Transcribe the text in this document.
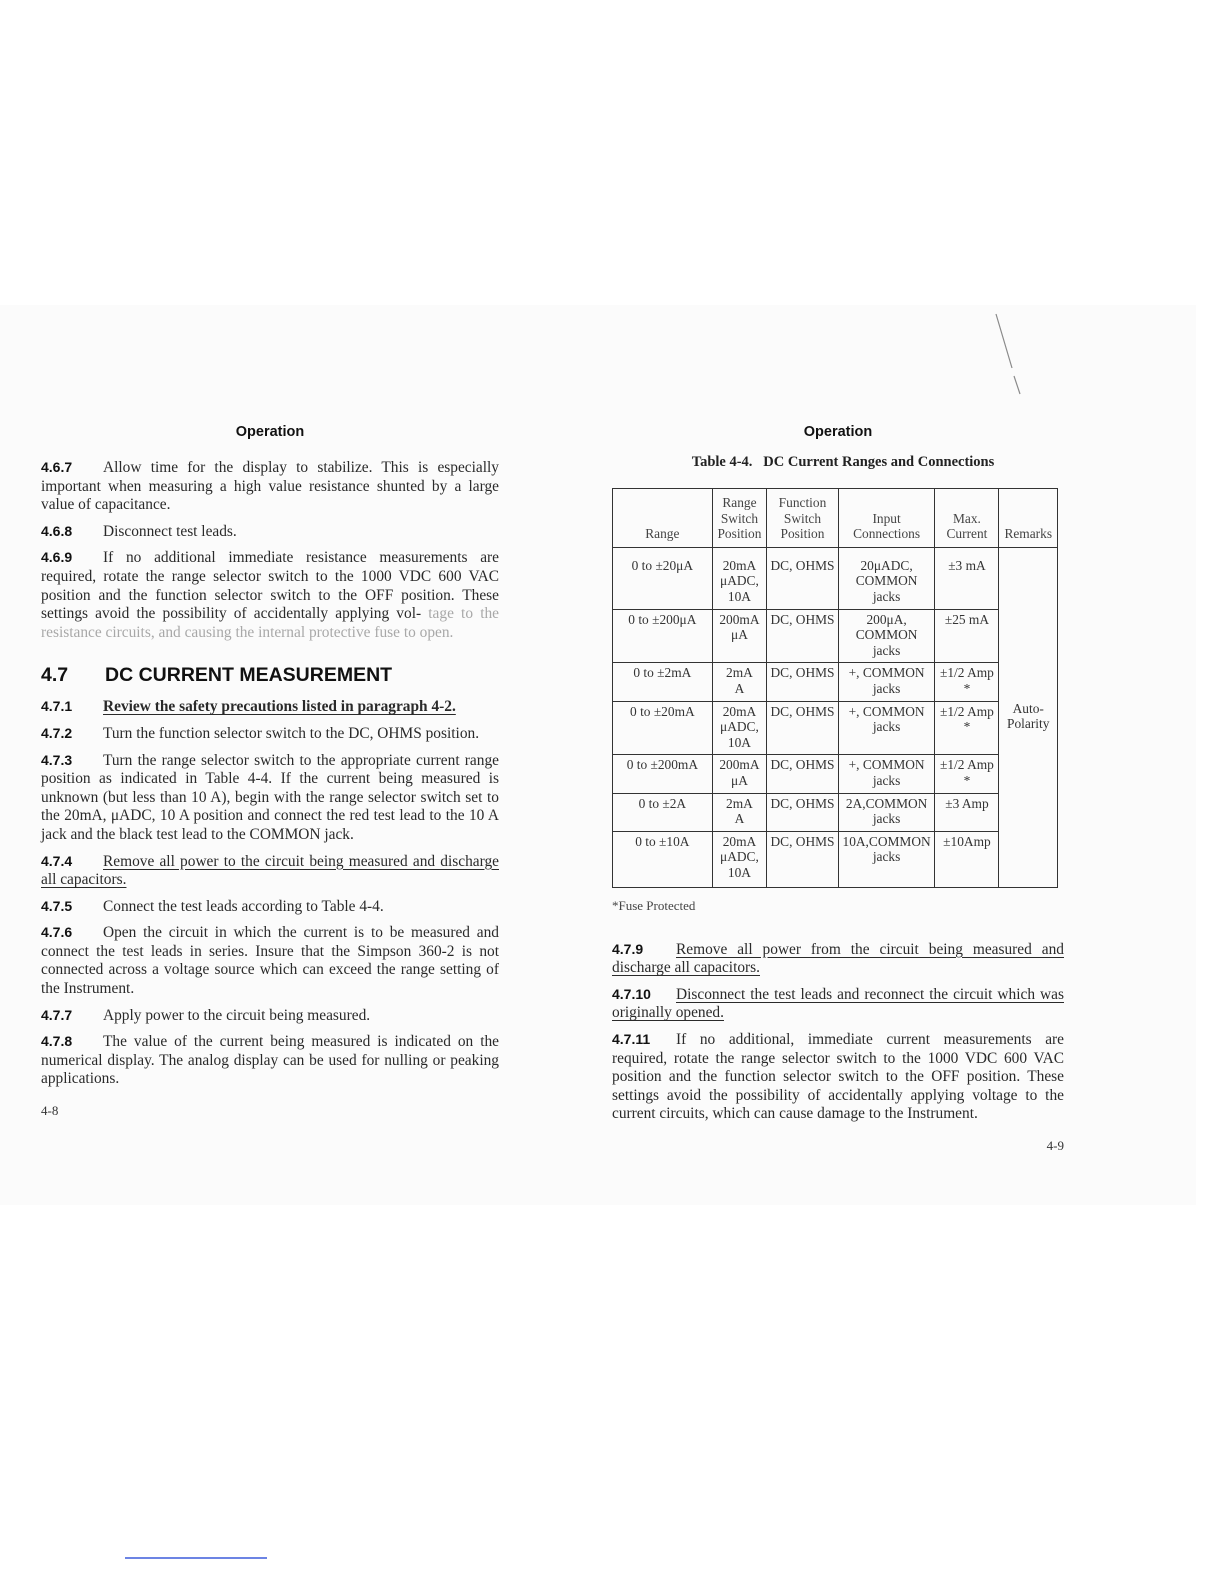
Operation

4.6.7 Allow time for the display to stabilize. This is especially important when measuring a high value resistance shunted by a large value of capacitance.

4.6.8 Disconnect test leads.

4.6.9 If no additional immediate resistance measurements are required, rotate the range selector switch to the 1000 VDC 600 VAC position and the function selector switch to the OFF position. These settings avoid the possibility of accidentally applying vol- tage to the resistance circuits, and causing the internal protective fuse to open.

4.7 DC CURRENT MEASUREMENT

4.7.1 Review the safety precautions listed in paragraph 4-2.

4.7.2 Turn the function selector switch to the DC, OHMS position.

4.7.3 Turn the range selector switch to the appropriate current range position as indicated in Table 4-4. If the current being measured is unknown (but less than 10 A), begin with the range selector switch set to the 20mA, μADC, 10 A position and connect the red test lead to the 10 A jack and the black test lead to the COMMON jack.

4.7.4 Remove all power to the circuit being measured and discharge all capacitors.

4.7.5 Connect the test leads according to Table 4-4.

4.7.6 Open the circuit in which the current is to be measured and connect the test leads in series. Insure that the Simpson 360-2 is not connected across a voltage source which can exceed the range setting of the Instrument.

4.7.7 Apply power to the circuit being measured.

4.7.8 The value of the current being measured is indicated on the numerical display. The analog display can be used for nulling or peaking applications.

4-8
Operation
Table 4-4.   DC Current Ranges and Connections
Range	Range
Switch
Position	Function
Switch
Position	Input
Connections	Max.
Current	Remarks
0 to ±20μA	20mA
μADC,
10A	DC, OHMS	20μADC,
COMMON
jacks	±3 mA	Auto-
Polarity
0 to ±200μA	200mA
μA	DC, OHMS	200μA,
COMMON
jacks	±25 mA	
0 to ±2mA	2mA
A	DC, OHMS	+, COMMON
jacks	±1/2 Amp
*	
0 to ±20mA	20mA
μADC,
10A	DC, OHMS	+, COMMON
jacks	±1/2 Amp
*	
0 to ±200mA	200mA
μA	DC, OHMS	+, COMMON
jacks	±1/2 Amp
*	
0 to ±2A	2mA
A	DC, OHMS	2A,COMMON
jacks	±3 Amp	
0 to ±10A	20mA
μADC,
10A	DC, OHMS	10A,COMMON
jacks	±10Amp	
*Fuse Protected

4.7.9 Remove all power from the circuit being measured and discharge all capacitors.

4.7.10 Disconnect the test leads and reconnect the circuit which was originally opened.

4.7.11 If no additional, immediate current measurements are required, rotate the range selector switch to the 1000 VDC 600 VAC position and the function selector switch to the OFF position. These settings avoid the possibility of accidentally applying voltage to the current circuits, which can cause damage to the Instrument.

4-9
